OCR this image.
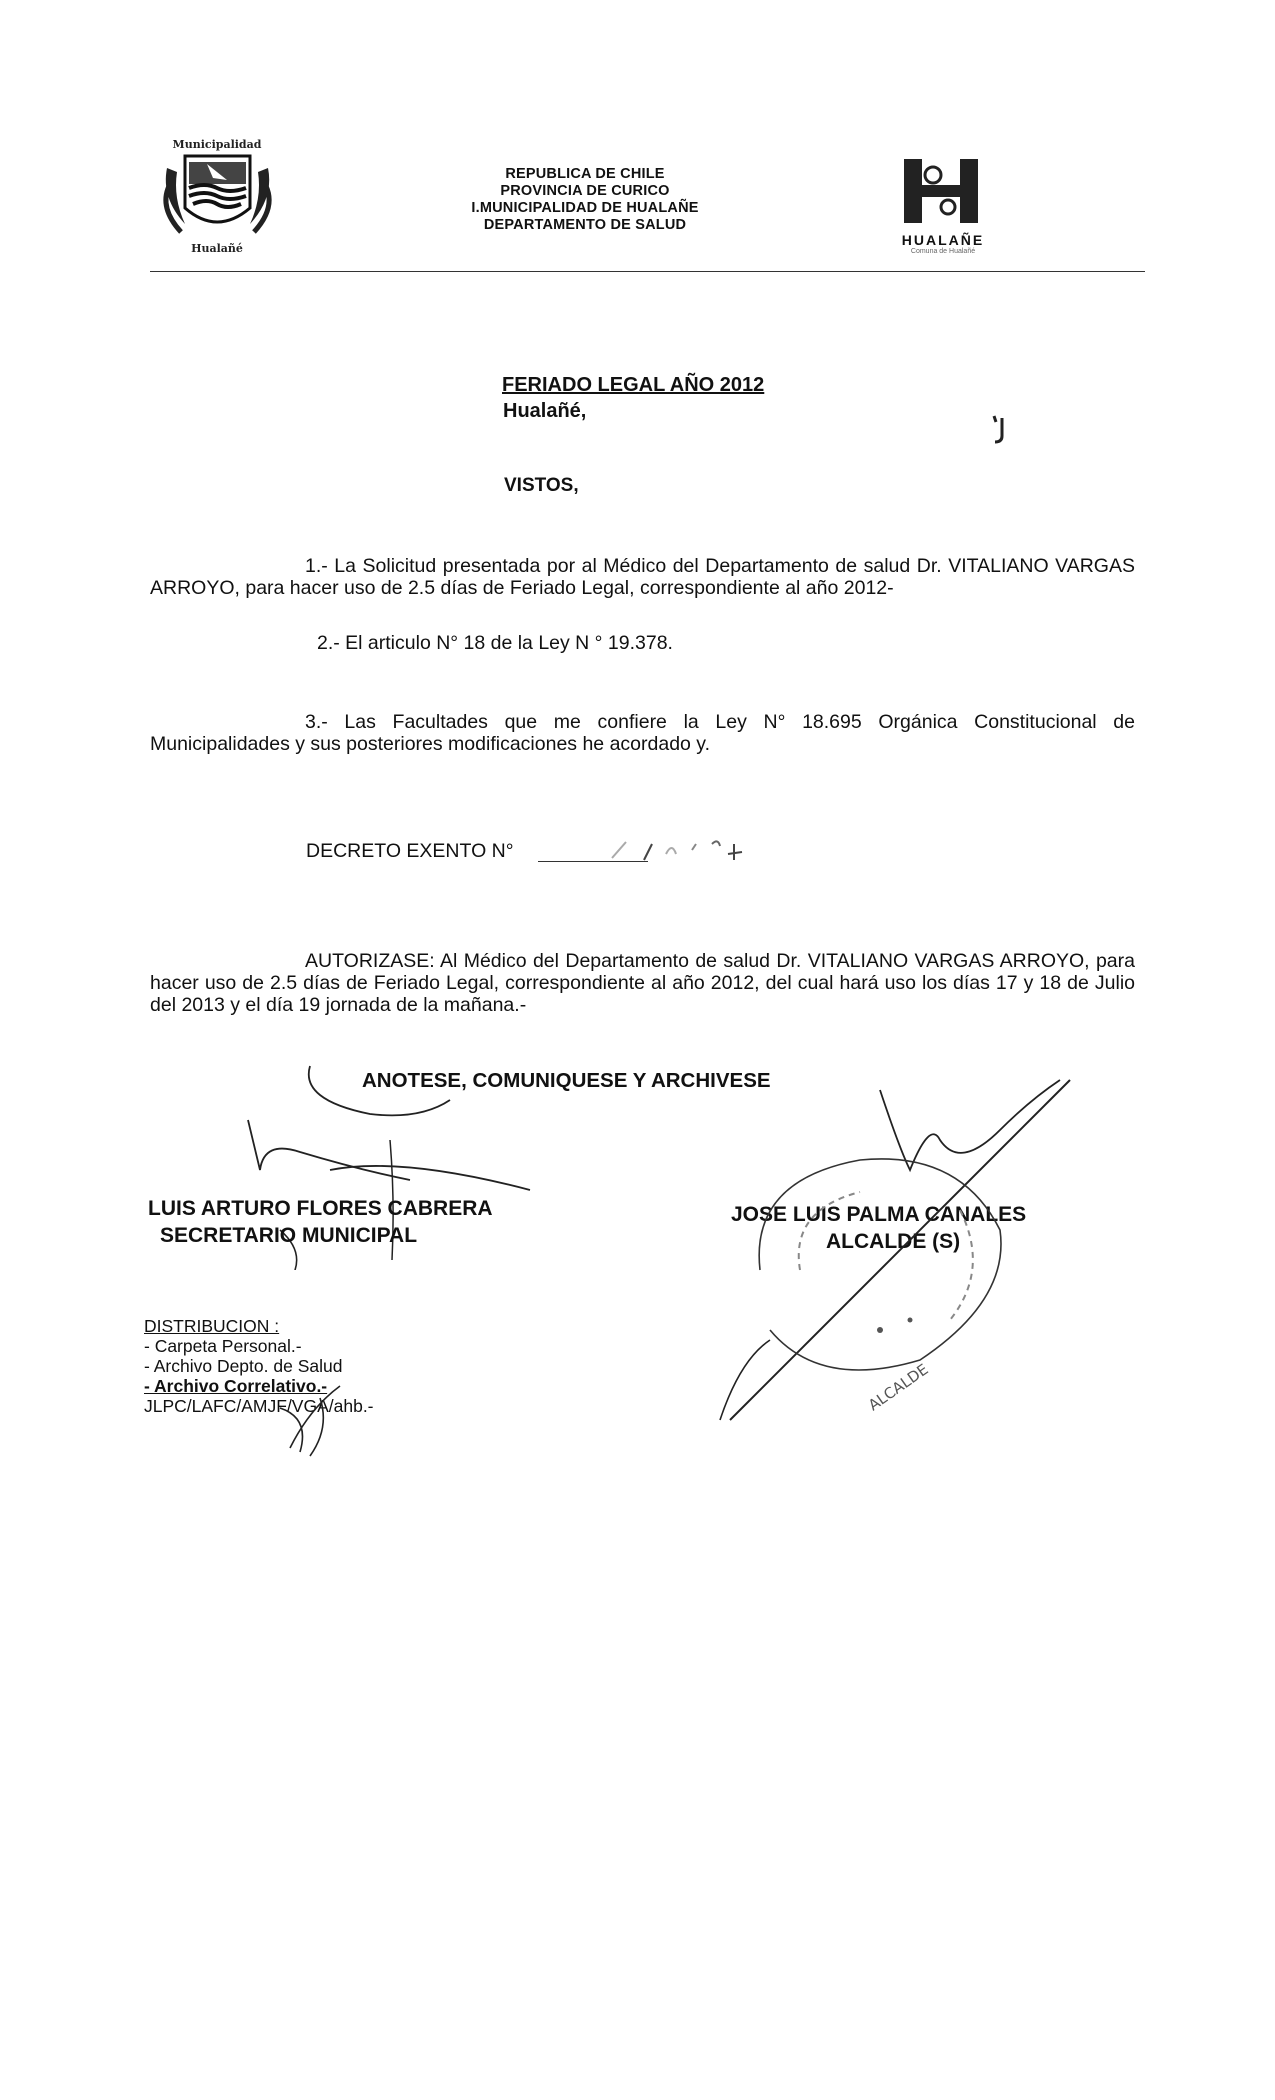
Municipalidad
Hualañé
REPUBLICA DE CHILE
PROVINCIA DE CURICO
I.MUNICIPALIDAD DE HUALAÑE
DEPARTAMENTO DE SALUD
HUALAÑE
Comuna de Hualañé
FERIADO LEGAL AÑO 2012
Hualañé,
VISTOS,
1.- La Solicitud presentada por al Médico del Departamento de salud Dr. VITALIANO VARGAS ARROYO, para hacer uso de 2.5 días de Feriado Legal, correspondiente al año 2012-
2.- El articulo N° 18 de la Ley N ° 19.378.
3.- Las Facultades que me confiere la Ley N° 18.695 Orgánica Constitucional de Municipalidades y sus posteriores modificaciones he acordado y.
DECRETO EXENTO N°
AUTORIZASE: Al Médico del Departamento de salud Dr. VITALIANO VARGAS ARROYO, para hacer uso de 2.5 días de Feriado Legal, correspondiente al año 2012, del cual hará uso los días 17 y 18 de Julio del 2013 y el día 19 jornada de la mañana.-
ANOTESE, COMUNIQUESE Y ARCHIVESE
LUIS ARTURO FLORES CABRERA
SECRETARIO MUNICIPAL
JOSE LUIS PALMA CANALES
ALCALDE (S)
ALCALDE
DISTRIBUCION :
- Carpeta Personal.-
- Archivo Depto. de Salud
- Archivo Correlativo.-
JLPC/LAFC/AMJF/VGA/ahb.-
